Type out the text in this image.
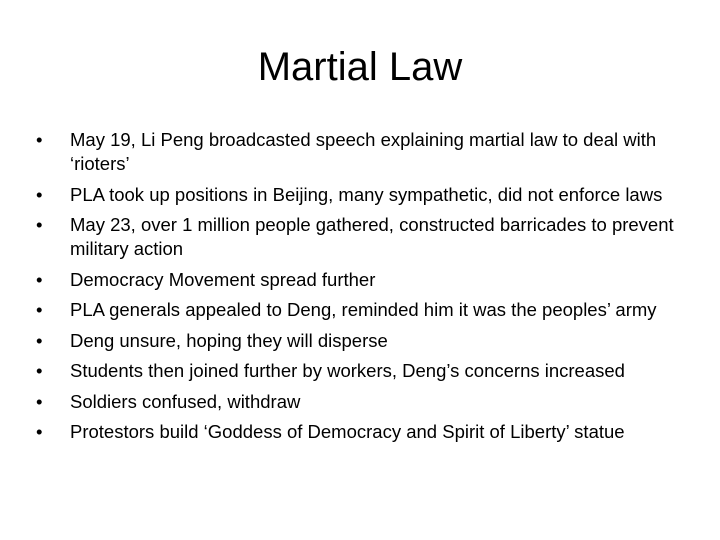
Martial Law
•	May 19, Li Peng broadcasted speech explaining martial law to deal with ‘rioters’
•	PLA took up positions in Beijing, many sympathetic, did not enforce laws
•	May 23, over 1 million people gathered, constructed barricades to prevent military action
•	Democracy Movement spread further
•	PLA generals appealed to Deng, reminded him it was the peoples’ army
•	Deng unsure, hoping they will disperse
•	Students then joined further by workers, Deng’s concerns increased
•	Soldiers confused, withdraw
•	Protestors build ‘Goddess of Democracy and Spirit of Liberty’ statue
